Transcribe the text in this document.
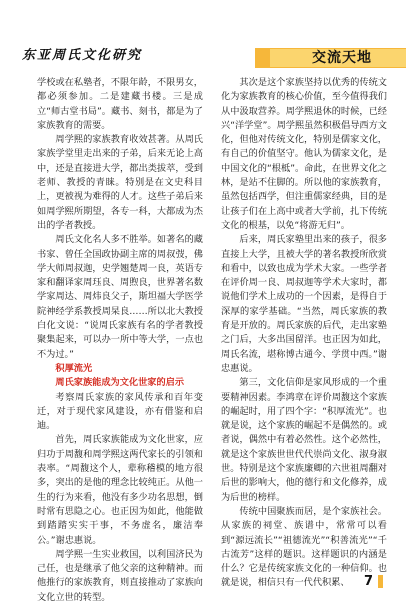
东亚周氏文化研究	交流天地

学校或在私塾者，不限年龄，不限男女，都必须参加。二是建藏书楼。三是成立“师古堂书局”。藏书、刻书，都是为了家族教育的需要。

周学熙的家族教育收效甚著。从周氏家族学堂里走出来的子弟，后来无论上高中，还是直接进大学，都出类拔萃，受到老师、教授的青睐。特别是在文史科目上，更被视为难得的人才。这些子弟后来如周学熙所期望，各专一科，大都成为杰出的学者教授。

周氏文化名人多不胜举。如著名的藏书家、曾任全国政协副主席的周叔弢，佛学大师周叔迦，史学翘楚周一良，英语专家和翻译家周珏良、周煦良，世界著名数学家周达、周炜良父子，斯坦福大学医学院神经学系教授周杲良……所以北大教授白化文说：“说周氏家族有名的学者教授聚集起来，可以办一所中等大学，一点也不为过。”

积厚流光

周氏家族能成为文化世家的启示

考察周氏家族的家风传承和百年变迁，对于现代家风建设，亦有借鉴和启迪。

首先，周氏家族能成为文化世家，应归功于周馥和周学熙这两代家长的引领和表率。“周馥这个人，辈称稽模的地方很多，突出的是他的理念比较纯正。从他一生的行为来看，他没有多少功名思想，倒时常有思隐之心。也正因为如此，他能做到踏踏实实干事，不务虚名，廉洁奉公。”谢忠惠说。

周学熙一生实业救国，以利国济民为己任，也是继承了他父亲的这种精神。而他推行的家族教育，则直接推动了家族向文化立世的转型。

其次是这个家族坚持以优秀的传统文化为家族教育的核心价值，至今值得我们从中汲取营养。周学熙退休的时候，已经兴“洋学堂”。周学熙虽然积极倡导西方文化，但他对传统文化，特别是儒家文化，有自己的价值坚守。他认为儒家文化，是中国文化的“根柢”。命此，在世界文化之林，是站不住脚的。所以他的家族教育，虽然包括西学，但注重儒家经典，目的是让孩子们在上高中或者大学前，扎下传统文化的根基，以免“将游无归”。

后来，周氏家塾里出来的孩子，很多直接上大学，且被大学的著名教授所欣赏和看中，以致也成为学术大家。一些学者在评价周一良、周叔迦等学术大家时，都说他们学术上成功的一个因素，是得自于深厚的家学基础。“当然，周氏家族的教育是开放的。周氏家族的后代，走出家塾之门后，大多出国留洋。也正因为如此，周氏名流，堪称博古通今、学贯中西。”谢忠惠说。

第三，文化信仰是家风形成的一个重要精神因素。李鸿章在评价周馥这个家族的崛起时，用了四个字：“积厚流光”。也就是说，这个家族的崛起不是偶然的。或者说，偶然中有着必然性。这个必然性，就是这个家族世世代代崇尚文化、淑身淑世。特别是这个家族廉卿的六世祖周翻对后世的影响大，他的德行和文化修养，成为后世的榜样。

传统中国聚族而居，是个家族社会。从家族的祠堂、族谱中，常常可以看到“源远流长”“祖德流光”“积善流光”“千古流芳”这样的题识。这样题识的内涵是什么？它是传统家族文化的一种信仰。也就是说，相信只有一代代积累、	7
